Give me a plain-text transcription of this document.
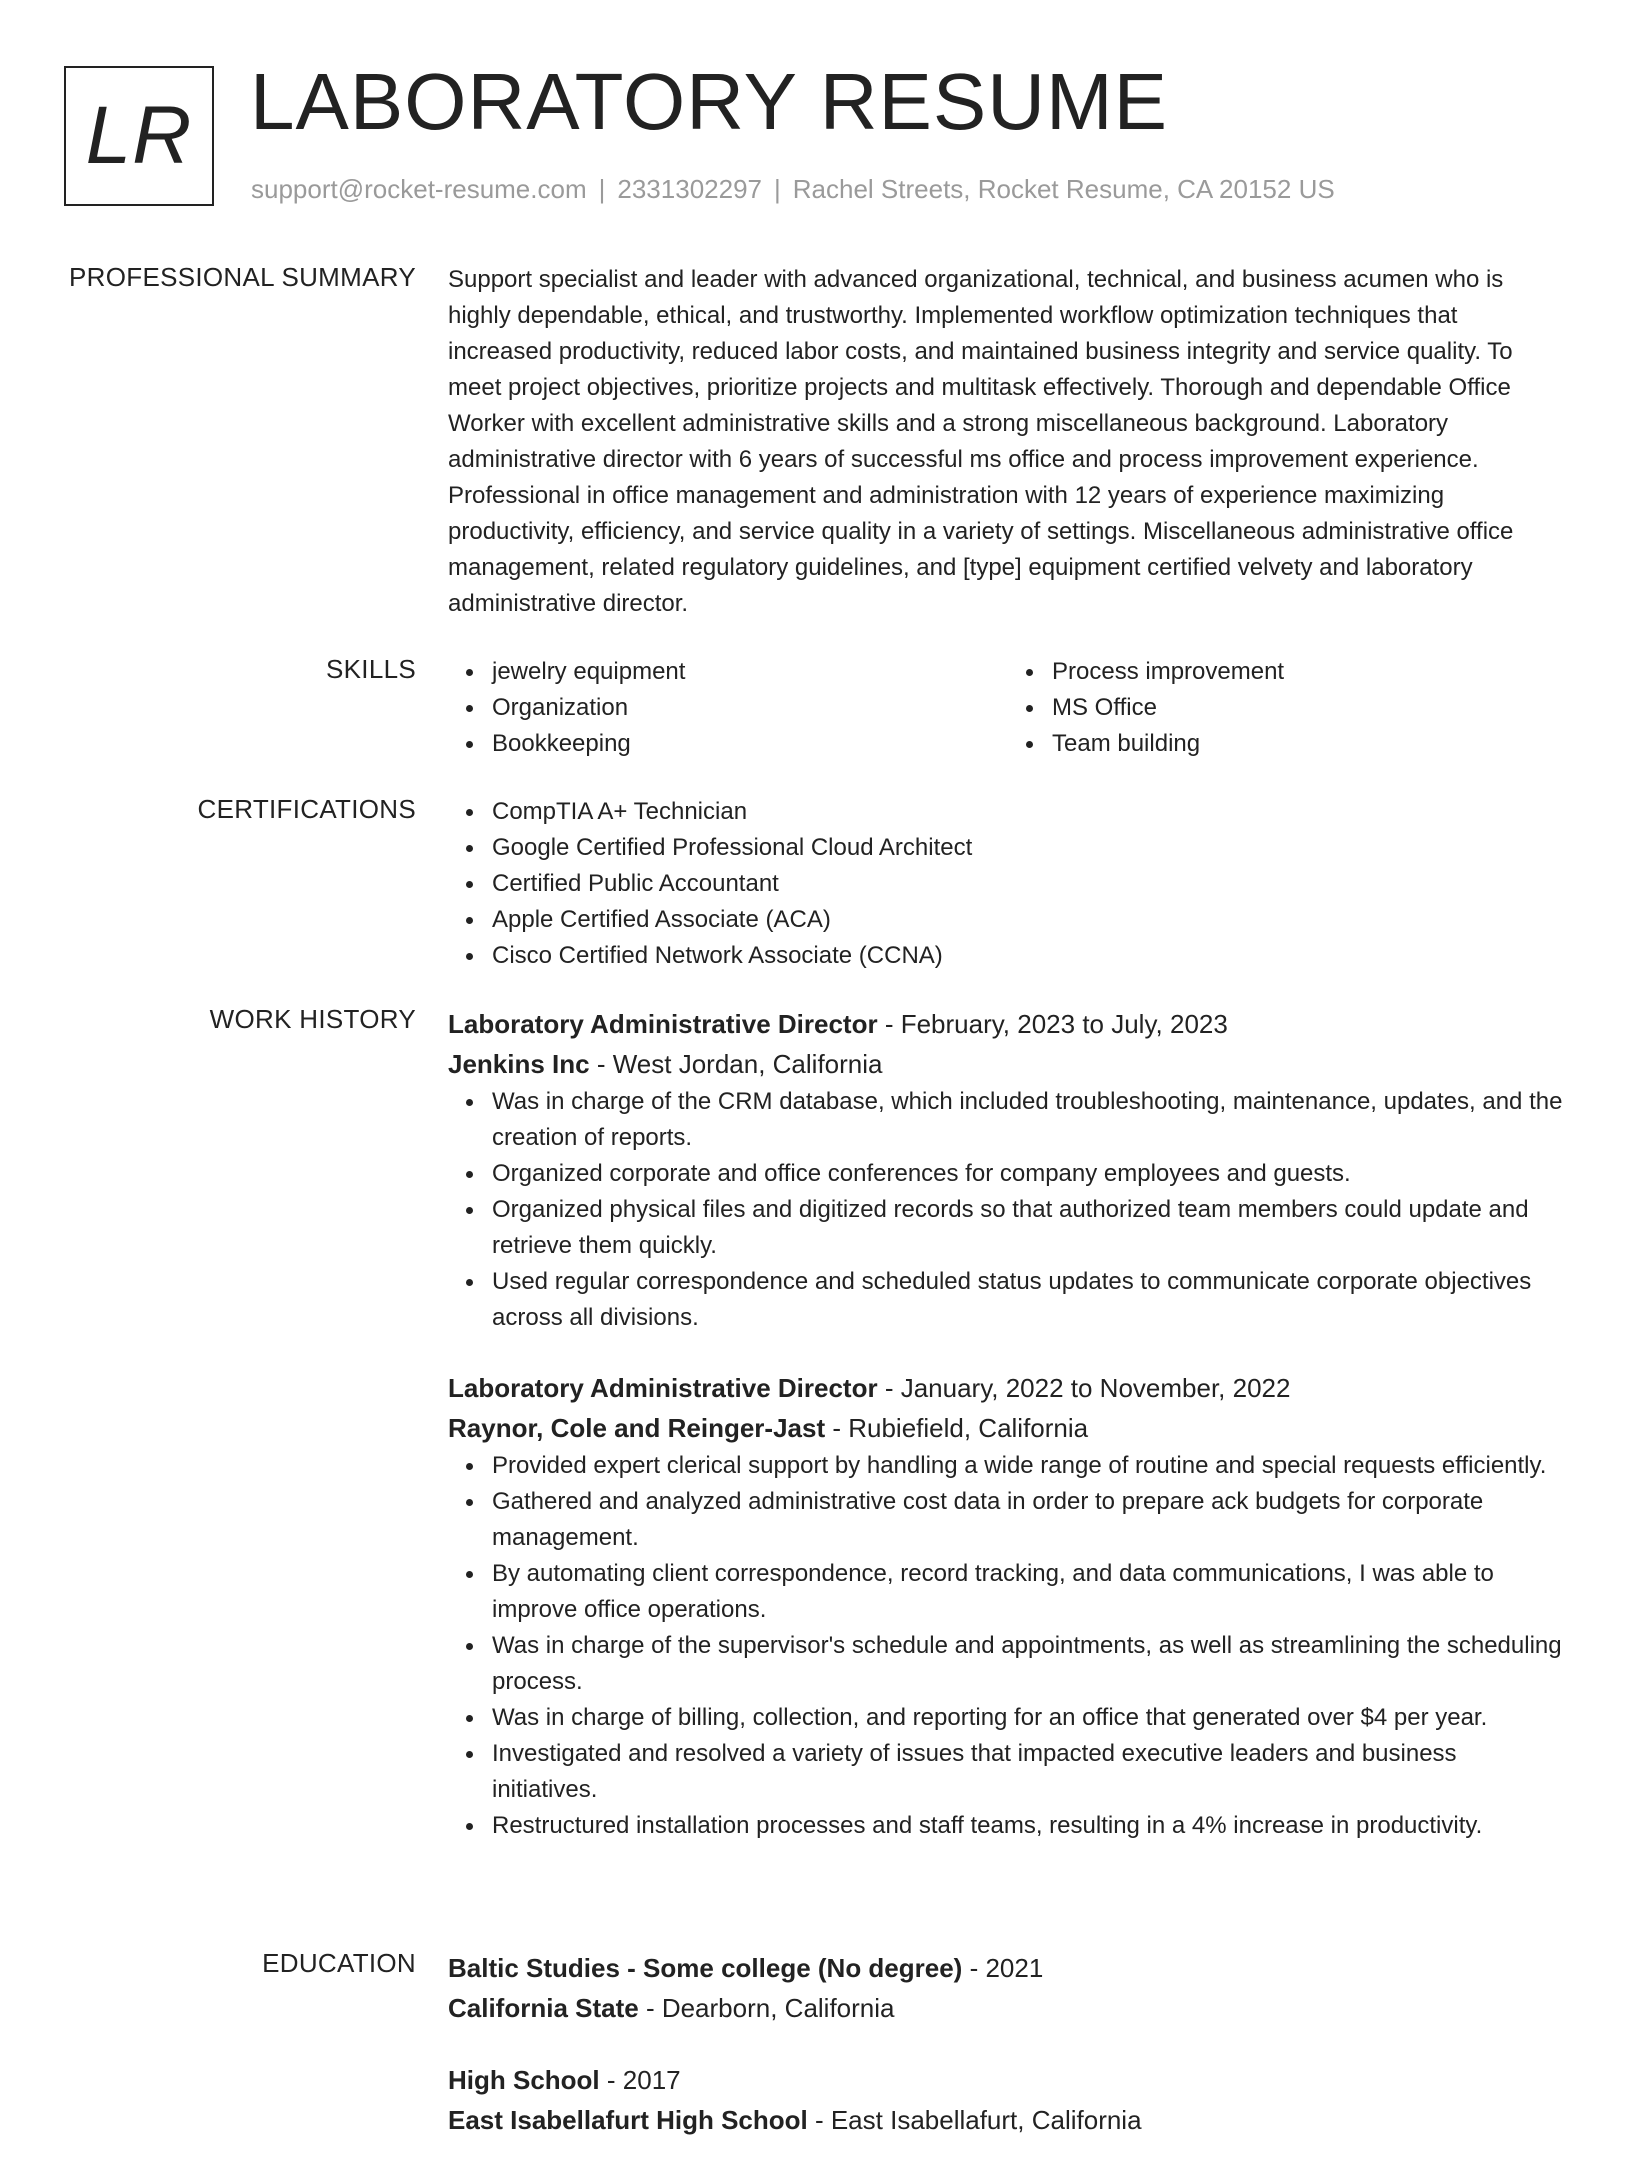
LR LABORATORY RESUME
support@rocket-resume.com | 2331302297 | Rachel Streets, Rocket Resume, CA 20152 US
PROFESSIONAL SUMMARY Support specialist and leader with advanced organizational, technical, and business acumen who is highly dependable, ethical, and trustworthy. Implemented workflow optimization techniques that increased productivity, reduced labor costs, and maintained business integrity and service quality. To meet project objectives, prioritize projects and multitask effectively. Thorough and dependable Office Worker with excellent administrative skills and a strong miscellaneous background. Laboratory administrative director with 6 years of successful ms office and process improvement experience. Professional in office management and administration with 12 years of experience maximizing productivity, efficiency, and service quality in a variety of settings. Miscellaneous administrative office management, related regulatory guidelines, and [type] equipment certified velvety and laboratory administrative director.

SKILLS	jewelry equipment
Organization
Bookkeeping
Process improvement
MS Office
Team building
CERTIFICATIONS	CompTIA A+ Technician
Google Certified Professional Cloud Architect
Certified Public Accountant
Apple Certified Associate (ACA)
Cisco Certified Network Associate (CCNA)
WORK HISTORY Laboratory Administrative Director - February, 2023 to July, 2023
Jenkins Inc - West Jordan, California
Was in charge of the CRM database, which included troubleshooting, maintenance, updates, and the creation of reports.
Organized corporate and office conferences for company employees and guests.
Organized physical files and digitized records so that authorized team members could update and retrieve them quickly.
Used regular correspondence and scheduled status updates to communicate corporate objectives across all divisions.
Laboratory Administrative Director - January, 2022 to November, 2022
Raynor, Cole and Reinger-Jast - Rubiefield, California
Provided expert clerical support by handling a wide range of routine and special requests efficiently.
Gathered and analyzed administrative cost data in order to prepare ack budgets for corporate management.
By automating client correspondence, record tracking, and data communications, I was able to improve office operations.
Was in charge of the supervisor's schedule and appointments, as well as streamlining the scheduling process.
Was in charge of billing, collection, and reporting for an office that generated over $4 per year.
Investigated and resolved a variety of issues that impacted executive leaders and business initiatives.
Restructured installation processes and staff teams, resulting in a 4% increase in productivity.
EDUCATION Baltic Studies - Some college (No degree) - 2021
California State - Dearborn, California
High School - 2017
East Isabellafurt High School - East Isabellafurt, California
